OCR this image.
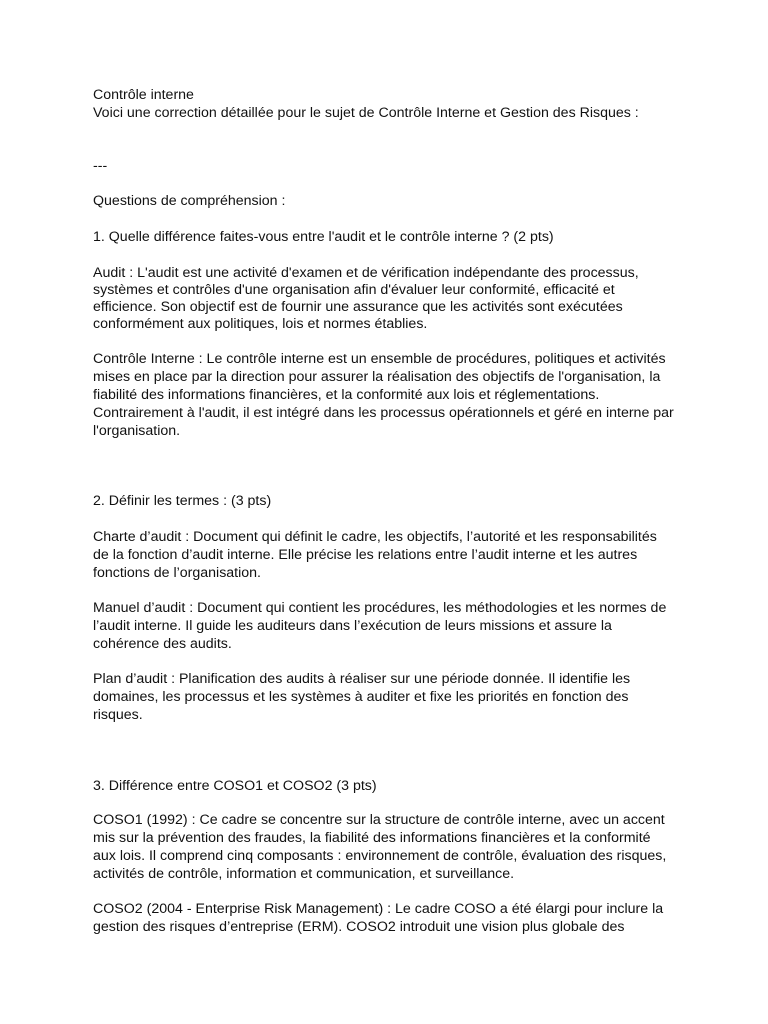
Contrôle interne
Voici une correction détaillée pour le sujet de Contrôle Interne et Gestion des Risques :
---
Questions de compréhension :
1. Quelle différence faites-vous entre l'audit et le contrôle interne ? (2 pts)
Audit : L'audit est une activité d'examen et de vérification indépendante des processus,
systèmes et contrôles d'une organisation afin d'évaluer leur conformité, efficacité et
efficience. Son objectif est de fournir une assurance que les activités sont exécutées
conformément aux politiques, lois et normes établies.
Contrôle Interne : Le contrôle interne est un ensemble de procédures, politiques et activités
mises en place par la direction pour assurer la réalisation des objectifs de l'organisation, la
fiabilité des informations financières, et la conformité aux lois et réglementations.
Contrairement à l'audit, il est intégré dans les processus opérationnels et géré en interne par
l'organisation.
2. Définir les termes : (3 pts)
Charte d’audit : Document qui définit le cadre, les objectifs, l’autorité et les responsabilités
de la fonction d’audit interne. Elle précise les relations entre l’audit interne et les autres
fonctions de l’organisation.
Manuel d’audit : Document qui contient les procédures, les méthodologies et les normes de
l’audit interne. Il guide les auditeurs dans l’exécution de leurs missions et assure la
cohérence des audits.
Plan d’audit : Planification des audits à réaliser sur une période donnée. Il identifie les
domaines, les processus et les systèmes à auditer et fixe les priorités en fonction des
risques.
3. Différence entre COSO1 et COSO2 (3 pts)
COSO1 (1992) : Ce cadre se concentre sur la structure de contrôle interne, avec un accent
mis sur la prévention des fraudes, la fiabilité des informations financières et la conformité
aux lois. Il comprend cinq composants : environnement de contrôle, évaluation des risques,
activités de contrôle, information et communication, et surveillance.
COSO2 (2004 - Enterprise Risk Management) : Le cadre COSO a été élargi pour inclure la
gestion des risques d’entreprise (ERM). COSO2 introduit une vision plus globale des
